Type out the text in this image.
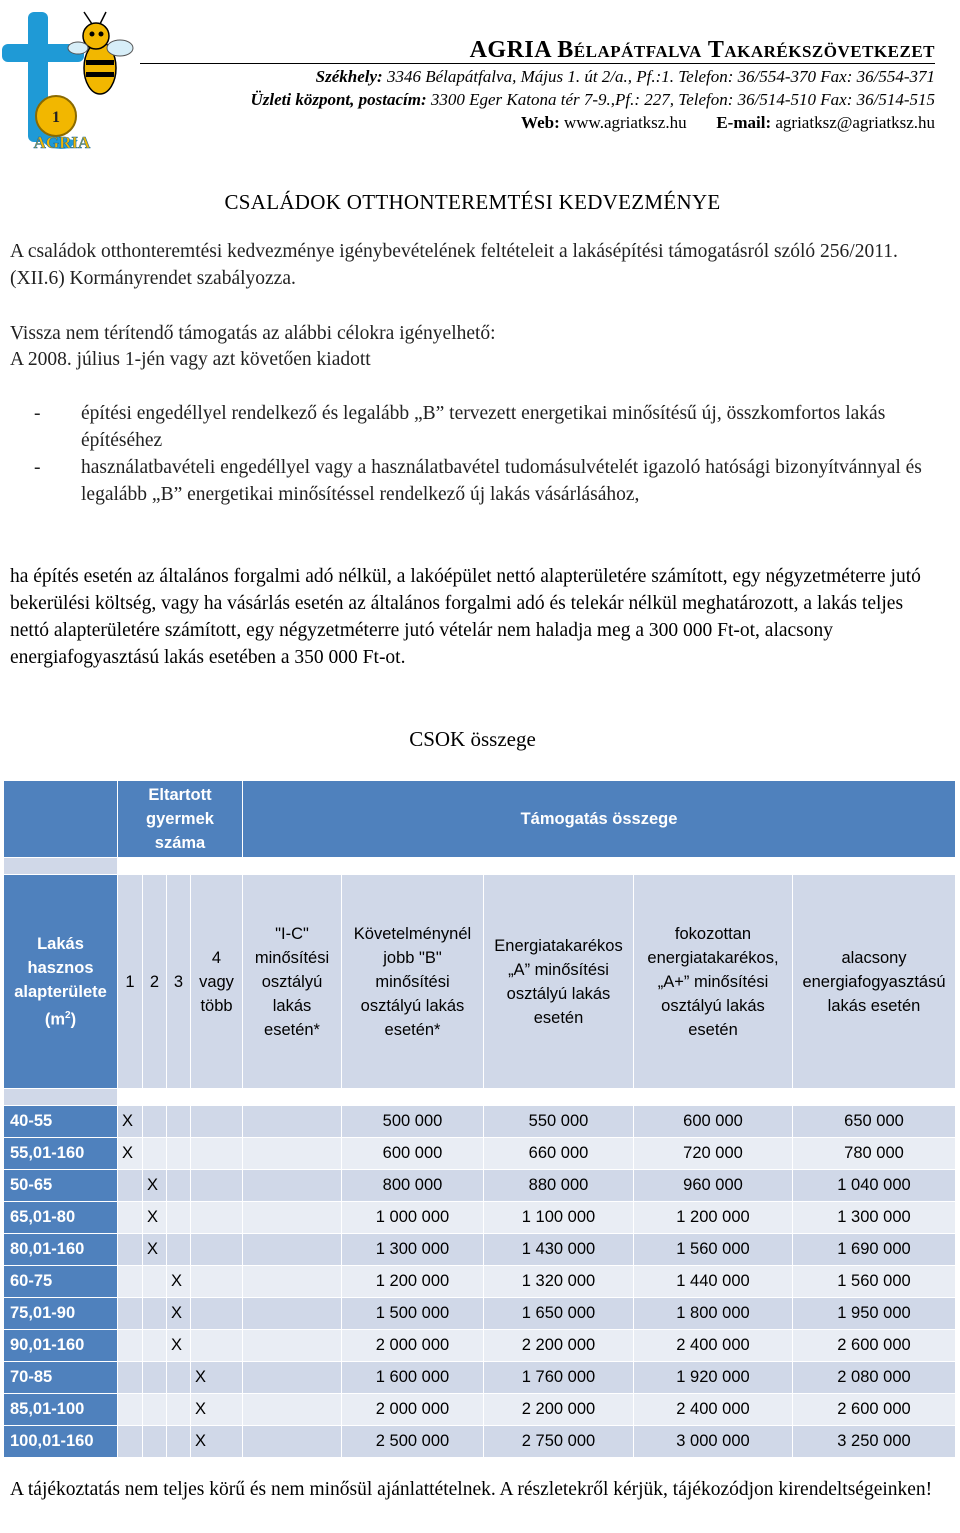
1
AGRIA
AGRIA Bélapátfalva Takarékszövetkezet
Székhely: 3346 Bélapátfalva, Május 1. út 2/a., Pf.:1. Telefon: 36/554-370 Fax: 36/554-371
Üzleti központ, postacím: 3300 Eger Katona tér 7-9.,Pf.: 227, Telefon: 36/514-510 Fax: 36/514-515
Web: www.agriatksz.hu E-mail: agriatksz@agriatksz.hu
CSALÁDOK OTTHONTEREMTÉSI KEDVEZMÉNYE
A családok otthonteremtési kedvezménye igénybevételének feltételeit a lakásépítési támogatásról szóló 256/2011. (XII.6) Kormányrendet szabályozza.
Vissza nem térítendő támogatás az alábbi célokra igényelhető:
A 2008. július 1-jén vagy azt követően kiadott
- építési engedéllyel rendelkező és legalább „B” tervezett energetikai minősítésű új, összkomfortos lakás építéséhez
- használatbavételi engedéllyel vagy a használatbavétel tudomásulvételét igazoló hatósági bizonyítvánnyal és legalább „B” energetikai minősítéssel rendelkező új lakás vásárlásához,
ha építés esetén az általános forgalmi adó nélkül, a lakóépület nettó alapterületére számított, egy négyzetméterre jutó bekerülési költség, vagy ha vásárlás esetén az általános forgalmi adó és telekár nélkül meghatározott, a lakás teljes nettó alapterületére számított, egy négyzetméterre jutó vételár nem haladja meg a 300 000 Ft-ot, alacsony energiafogyasztású lakás esetében a 350 000 Ft-ot.
CSOK összege
	Eltartott gyermek száma				Támogatás összege				

Lakás hasznos alapterülete
$(m^2)$	1	2	3	4 vagy több	"I-C" minősítési osztályú lakás esetén*	Követelménynél jobb "B" minősítési osztályú lakás esetén*	Energiatakarékos „A” minősítési osztályú lakás esetén	fokozottan energiatakarékos, „A+” minősítési osztályú lakás esetén	alacsony energiafogyasztású lakás esetén

40-55	X					500 000	550 000	600 000	650 000
55,01-160	X					600 000	660 000	720 000	780 000
50-65		X				800 000	880 000	960 000	1 040 000
65,01-80		X				1 000 000	1 100 000	1 200 000	1 300 000
80,01-160		X				1 300 000	1 430 000	1 560 000	1 690 000
60-75			X			1 200 000	1 320 000	1 440 000	1 560 000
75,01-90			X			1 500 000	1 650 000	1 800 000	1 950 000
90,01-160			X			2 000 000	2 200 000	2 400 000	2 600 000
70-85				X		1 600 000	1 760 000	1 920 000	2 080 000
85,01-100				X		2 000 000	2 200 000	2 400 000	2 600 000
100,01-160				X		2 500 000	2 750 000	3 000 000	3 250 000
A tájékoztatás nem teljes körű és nem minősül ajánlattételnek. A részletekről kérjük, tájékozódjon kirendeltségeinken!
